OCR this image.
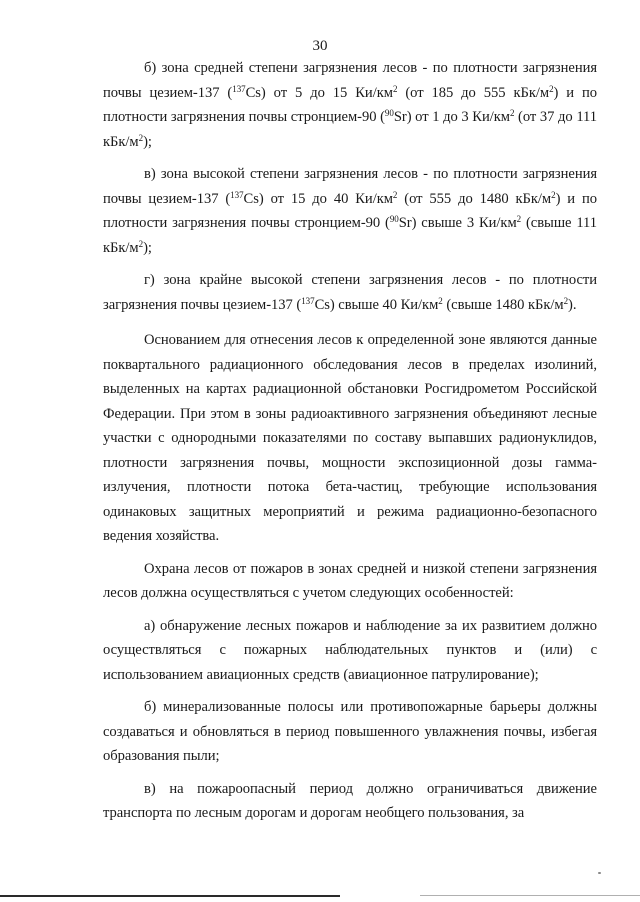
30

б) зона средней степени загрязнения лесов - по плотности загрязнения почвы цезием-137 ($^{137}$Cs) от 5 до 15 $Ки/км^2$ (от 185 до 555 кБк/$м^2$) и по плотности загрязнения почвы стронцием-90 ($^{90}$Sr) от 1 до 3 $Ки/км^2$ (от 37 до 111 кБк/$м^2$);

в) зона высокой степени загрязнения лесов - по плотности загрязнения почвы цезием-137 ($^{137}$Cs) от 15 до 40 $Ки/км^2$ (от 555 до 1480 кБк/$м^2$) и по плотности загрязнения почвы стронцием-90 ($^{90}$Sr) свыше 3 $Ки/км^2$ (свыше 111 кБк/$м^2$);

г) зона крайне высокой степени загрязнения лесов - по плотности загрязнения почвы цезием-137 ($^{137}$Cs) свыше 40 $Ки/км^2$ (свыше 1480 кБк/$м^2$).

Основанием для отнесения лесов к определенной зоне являются данные поквартального радиационного обследования лесов в пределах изолиний, выделенных на картах радиационной обстановки Росгидрометом Российской Федерации. При этом в зоны радиоактивного загрязнения объединяют лесные участки с однородными показателями по составу выпавших радионуклидов, плотности загрязнения почвы, мощности экспозиционной дозы гамма-излучения, плотности потока бета-частиц, требующие использования одинаковых защитных мероприятий и режима радиационно-безопасного ведения хозяйства.

Охрана лесов от пожаров в зонах средней и низкой степени загрязнения лесов должна осуществляться с учетом следующих особенностей:

а) обнаружение лесных пожаров и наблюдение за их развитием должно осуществляться с пожарных наблюдательных пунктов и (или) с использованием авиационных средств (авиационное патрулирование);

б) минерализованные полосы или противопожарные барьеры должны создаваться и обновляться в период повышенного увлажнения почвы, избегая образования пыли;

в) на пожароопасный период должно ограничиваться движение транспорта по лесным дорогам и дорогам необщего пользования, за
